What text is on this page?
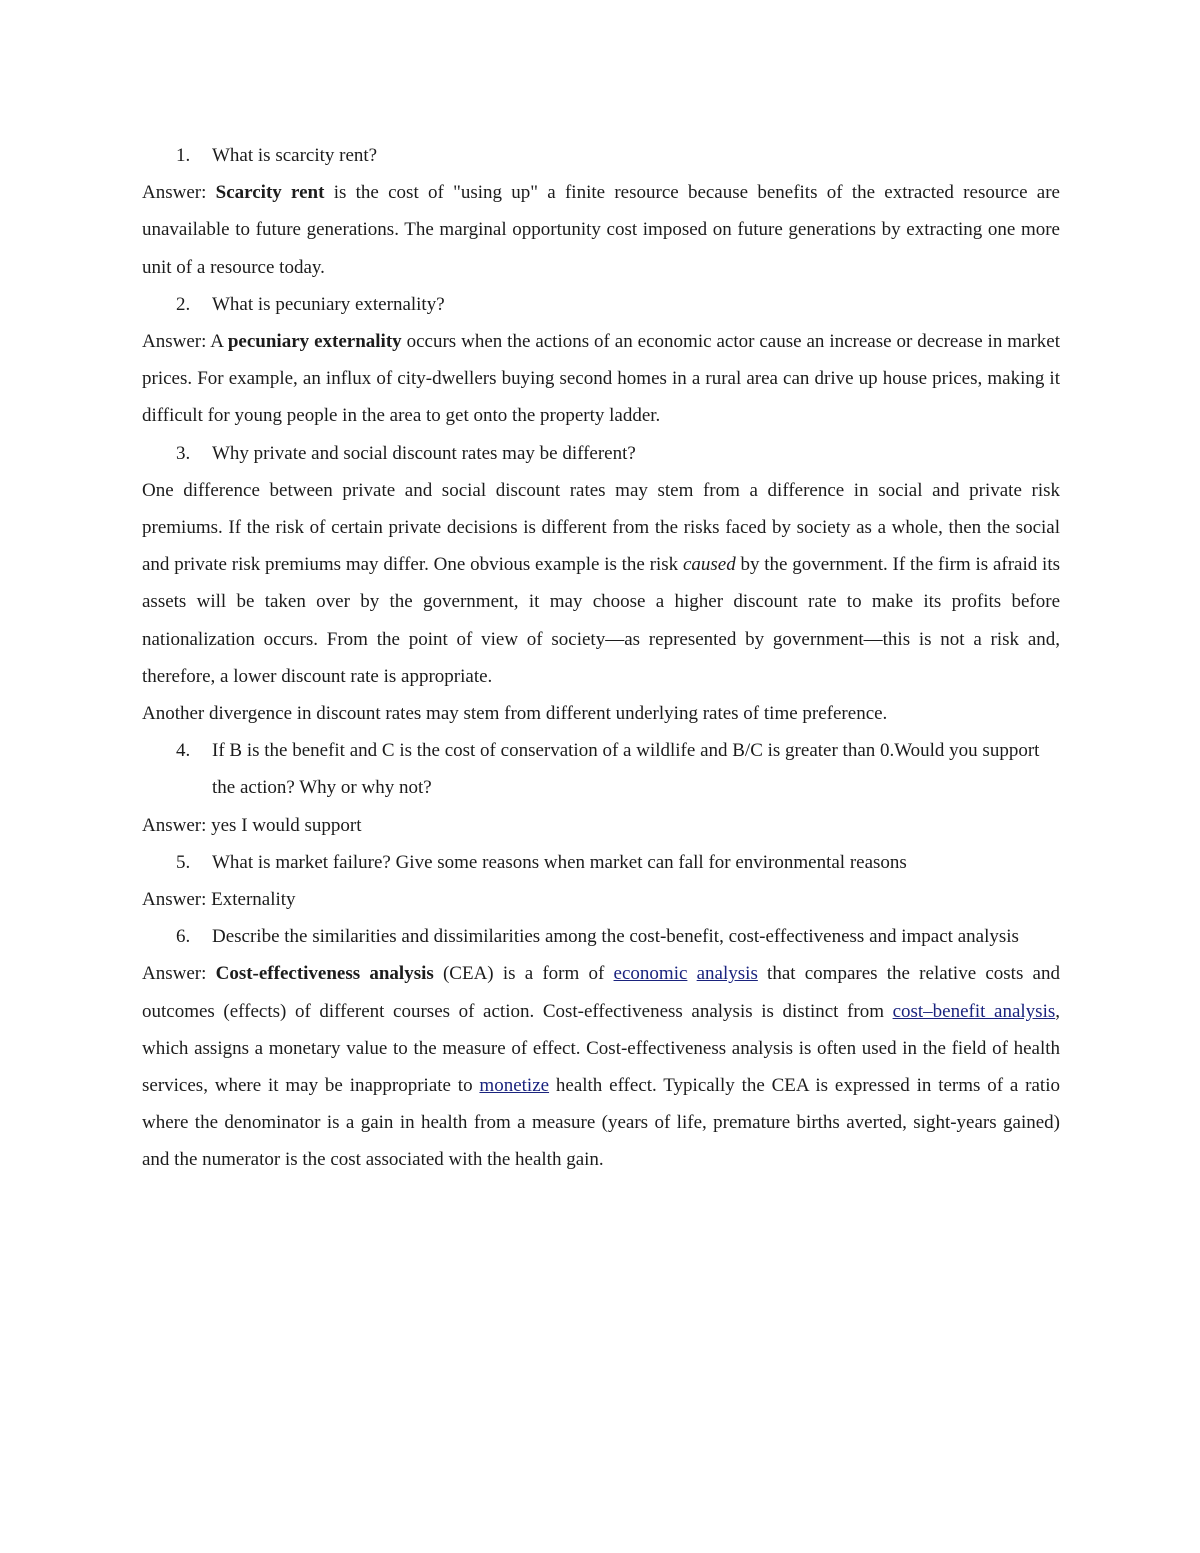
1.	What is scarcity rent?

Answer: Scarcity rent is the cost of "using up" a finite resource because benefits of the extracted resource are unavailable to future generations. The marginal opportunity cost imposed on future generations by extracting one more unit of a resource today.

2.	What is pecuniary externality?

Answer: A pecuniary externality occurs when the actions of an economic actor cause an increase or decrease in market prices. For example, an influx of city-dwellers buying second homes in a rural area can drive up house prices, making it difficult for young people in the area to get onto the property ladder.

3.	Why private and social discount rates may be different?

One difference between private and social discount rates may stem from a difference in social and private risk premiums. If the risk of certain private decisions is different from the risks faced by society as a whole, then the social and private risk premiums may differ. One obvious example is the risk caused by the government. If the firm is afraid its assets will be taken over by the government, it may choose a higher discount rate to make its profits before nationalization occurs. From the point of view of society—as represented by government—this is not a risk and, therefore, a lower discount rate is appropriate.

Another divergence in discount rates may stem from different underlying rates of time preference.

4.	If B is the benefit and C is the cost of conservation of a wildlife and B/C is greater than 0.Would you support the action? Why or why not?

Answer: yes I would support

5.	What is market failure? Give some reasons when market can fall for environmental reasons

Answer: Externality

6.	Describe the similarities and dissimilarities among the cost-benefit, cost-effectiveness and impact analysis

Answer: Cost-effectiveness analysis (CEA) is a form of economic analysis that compares the relative costs and outcomes (effects) of different courses of action. Cost-effectiveness analysis is distinct from cost–benefit analysis, which assigns a monetary value to the measure of effect. Cost-effectiveness analysis is often used in the field of health services, where it may be inappropriate to monetize health effect. Typically the CEA is expressed in terms of a ratio where the denominator is a gain in health from a measure (years of life, premature births averted, sight-years gained) and the numerator is the cost associated with the health gain.
